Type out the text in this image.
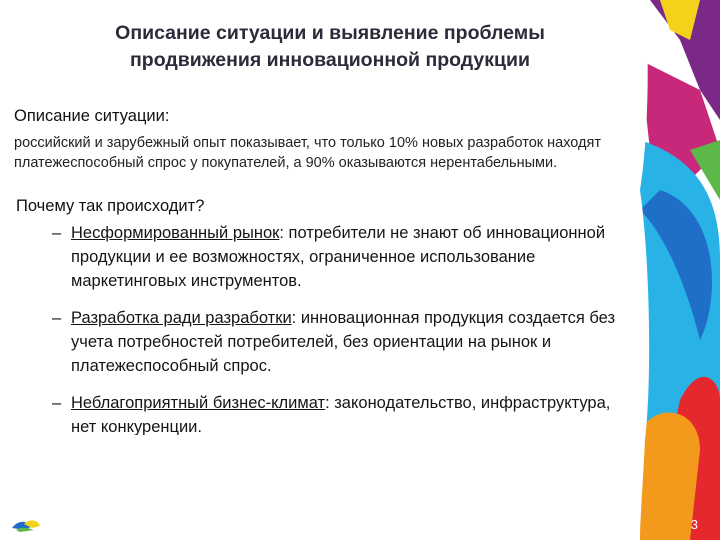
Описание ситуации и выявление проблемы
продвижения инновационной продукции
Описание ситуации:
российский и зарубежный опыт показывает, что только 10% новых разработок находят платежеспособный спрос у покупателей, а 90% оказываются нерентабельными.
Почему так происходит?
– Несформированный рынок: потребители не знают об инновационной продукции и ее возможностях, ограниченное использование маркетинговых инструментов.
– Разработка ради разработки: инновационная продукция создается без учета потребностей потребителей, без ориентации на рынок и платежеспособный спрос.
– Неблагоприятный бизнес-климат: законодательство, инфраструктура, нет конкуренции.
3
